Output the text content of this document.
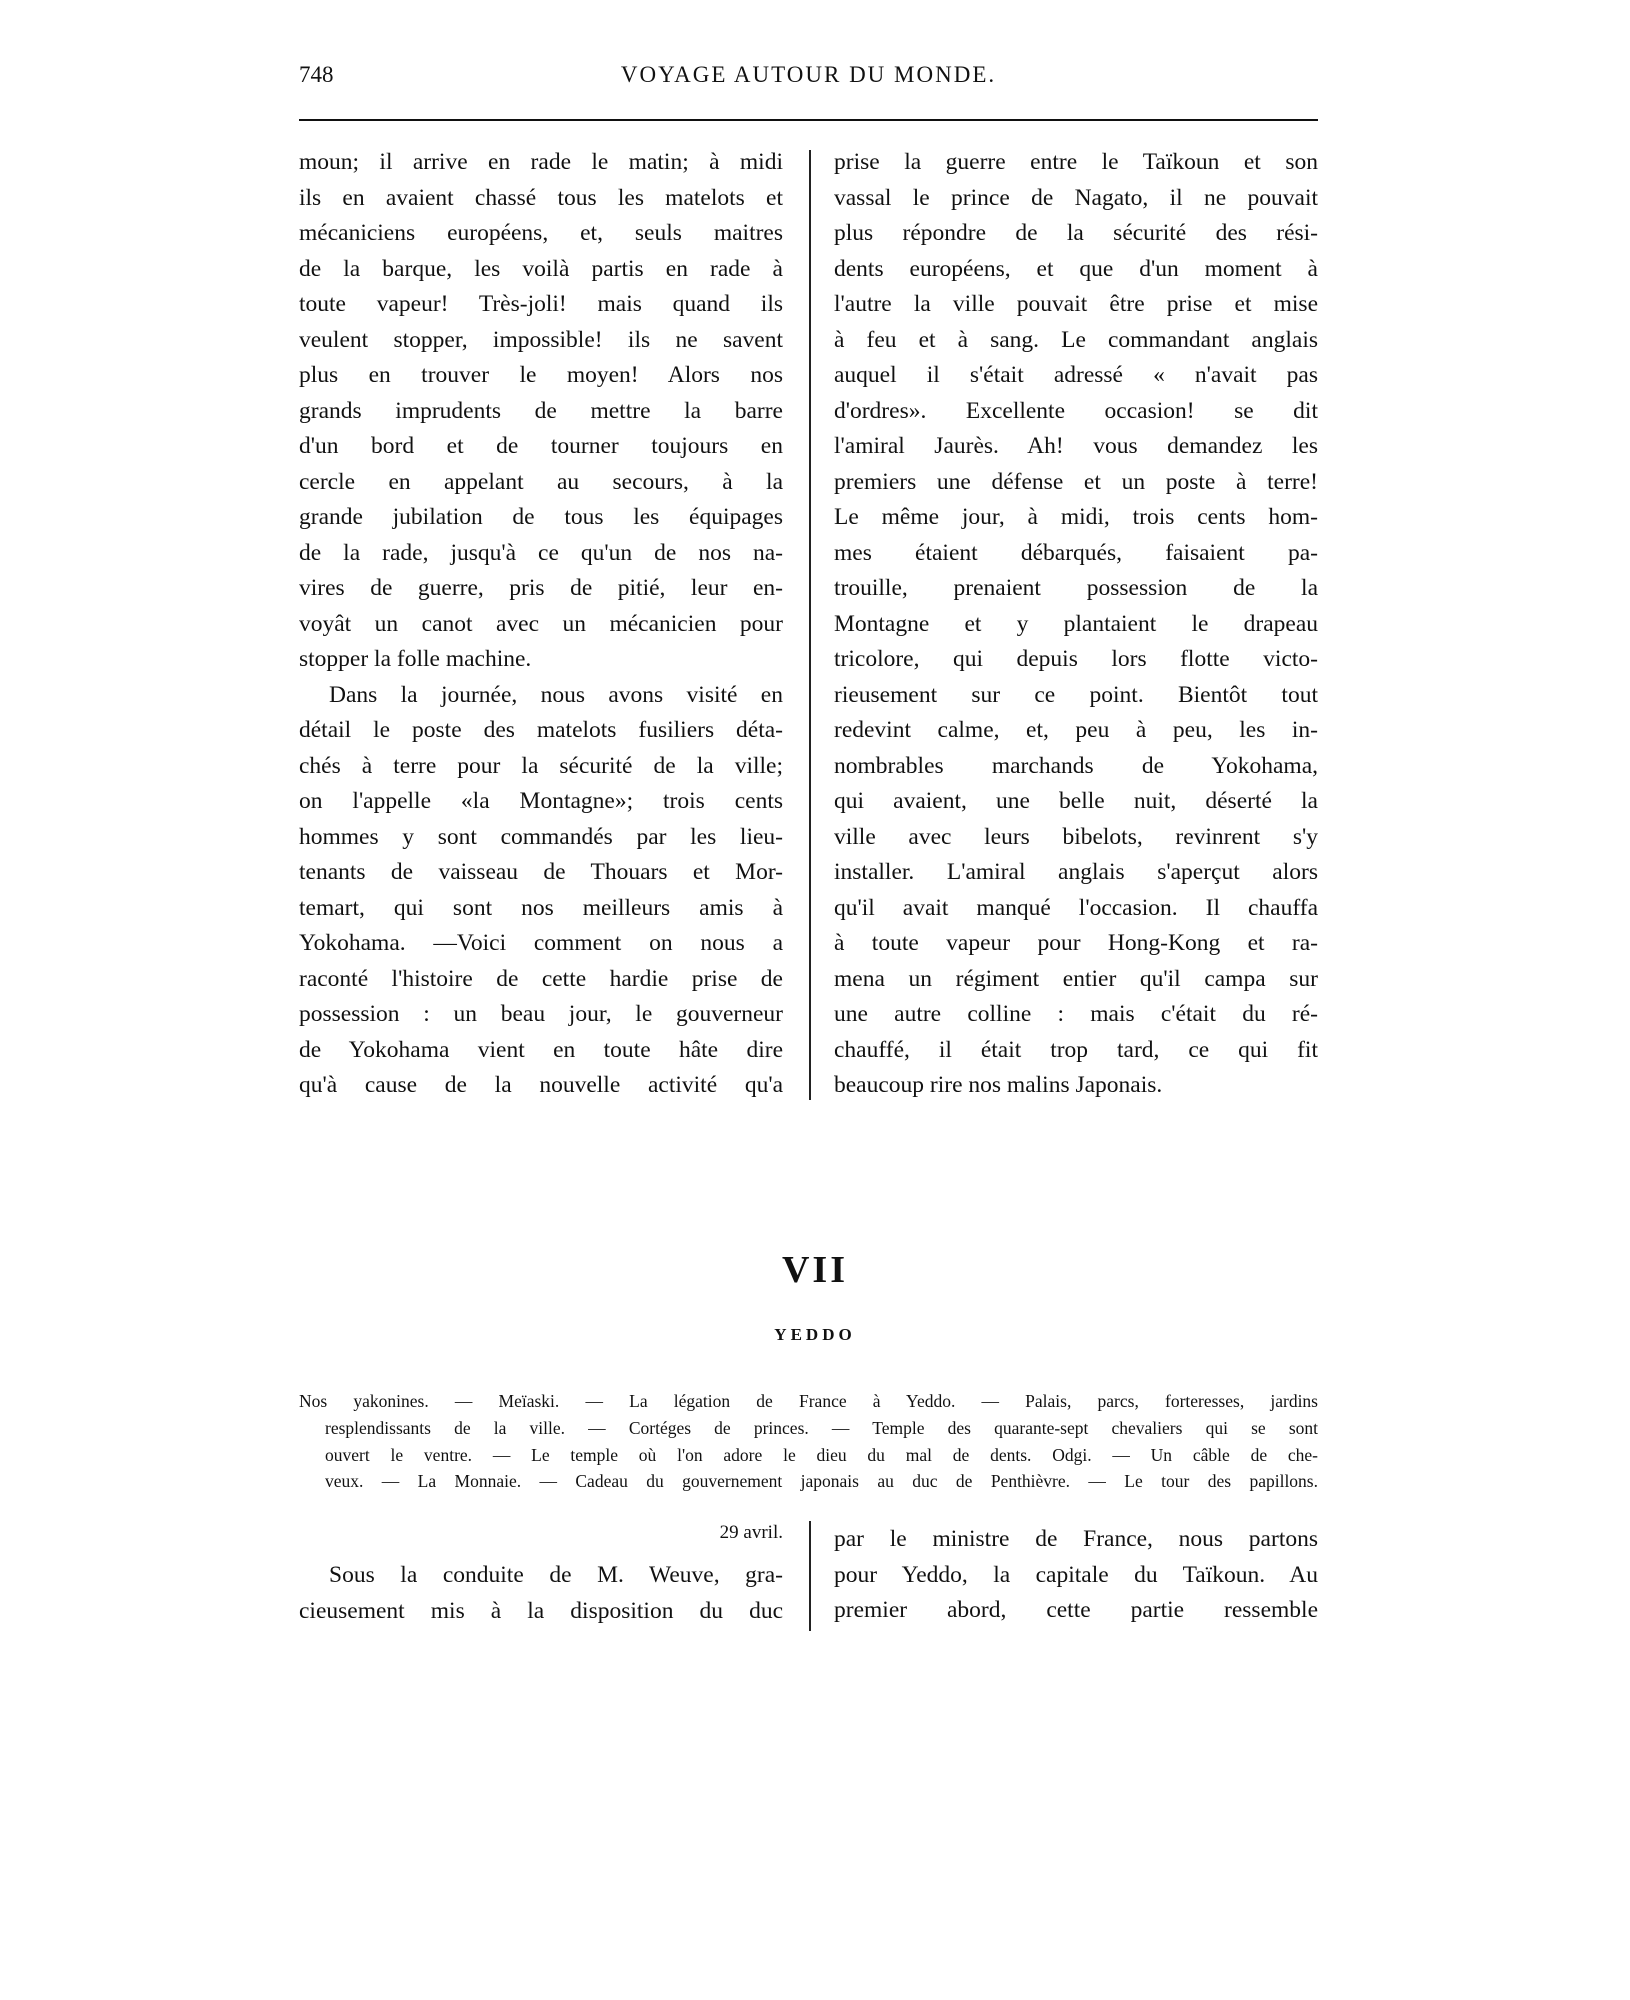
748	VOYAGE AUTOUR DU MONDE.
moun; il arrive en rade le matin; à midi
ils en avaient chassé tous les matelots et
mécaniciens européens, et, seuls maitres
de la barque, les voilà partis en rade à
toute vapeur! Très-joli! mais quand ils
veulent stopper, impossible! ils ne savent
plus en trouver le moyen! Alors nos
grands imprudents de mettre la barre
d'un bord et de tourner toujours en
cercle en appelant au secours, à la
grande jubilation de tous les équipages
de la rade, jusqu'à ce qu'un de nos na-
vires de guerre, pris de pitié, leur en-
voyât un canot avec un mécanicien pour
stopper la folle machine.
Dans la journée, nous avons visité en
détail le poste des matelots fusiliers déta-
chés à terre pour la sécurité de la ville;
on l'appelle «la Montagne»; trois cents
hommes y sont commandés par les lieu-
tenants de vaisseau de Thouars et Mor-
temart, qui sont nos meilleurs amis à
Yokohama. —Voici comment on nous a
raconté l'histoire de cette hardie prise de
possession : un beau jour, le gouverneur
de Yokohama vient en toute hâte dire
qu'à cause de la nouvelle activité qu'a
prise la guerre entre le Taïkoun et son
vassal le prince de Nagato, il ne pouvait
plus répondre de la sécurité des rési-
dents européens, et que d'un moment à
l'autre la ville pouvait être prise et mise
à feu et à sang. Le commandant anglais
auquel il s'était adressé « n'avait pas
d'ordres». Excellente occasion! se dit
l'amiral Jaurès. Ah! vous demandez les
premiers une défense et un poste à terre!
Le même jour, à midi, trois cents hom-
mes étaient débarqués, faisaient pa-
trouille, prenaient possession de la
Montagne et y plantaient le drapeau
tricolore, qui depuis lors flotte victo-
rieusement sur ce point. Bientôt tout
redevint calme, et, peu à peu, les in-
nombrables marchands de Yokohama,
qui avaient, une belle nuit, déserté la
ville avec leurs bibelots, revinrent s'y
installer. L'amiral anglais s'aperçut alors
qu'il avait manqué l'occasion. Il chauffa
à toute vapeur pour Hong-Kong et ra-
mena un régiment entier qu'il campa sur
une autre colline : mais c'était du ré-
chauffé, il était trop tard, ce qui fit
beaucoup rire nos malins Japonais.
VII
YEDDO
Nos yakonines. — Meïaski. — La légation de France à Yeddo. — Palais, parcs, forteresses, jardins
resplendissants de la ville. — Cortéges de princes. — Temple des quarante-sept chevaliers qui se sont
ouvert le ventre. — Le temple où l'on adore le dieu du mal de dents. Odgi. — Un câble de che-
veux. — La Monnaie. — Cadeau du gouvernement japonais au duc de Penthièvre. — Le tour des papillons.
29 avril.
Sous la conduite de M. Weuve, gra-
cieusement mis à la disposition du duc
par le ministre de France, nous partons
pour Yeddo, la capitale du Taïkoun. Au
premier abord, cette partie ressemble
